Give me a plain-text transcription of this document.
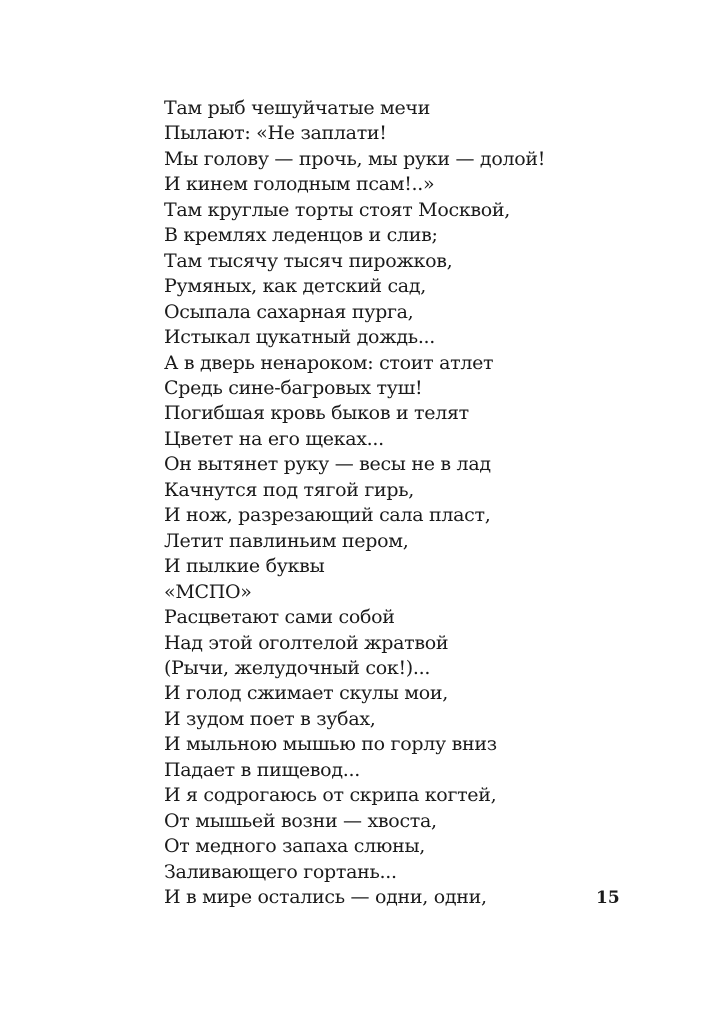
Там рыб чешуйчатые мечи
Пылают: «Не заплати!
Мы голову — прочь, мы руки — долой!
И кинем голодным псам!..»
Там круглые торты стоят Москвой,
В кремлях леденцов и слив;
Там тысячу тысяч пирожков,
Румяных, как детский сад,
Осыпала сахарная пурга,
Истыкал цукатный дождь...
А в дверь ненароком: стоит атлет
Средь сине-багровых туш!
Погибшая кровь быков и телят
Цветет на его щеках...
Он вытянет руку — весы не в лад
Качнутся под тягой гирь,
И нож, разрезающий сала пласт,
Летит павлиньим пером,
И пылкие буквы
«МСПО»
Расцветают сами собой
Над этой оголтелой жратвой
(Рычи, желудочный сок!)...
И голод сжимает скулы мои,
И зудом поет в зубах,
И мыльною мышью по горлу вниз
Падает в пищевод...
И я содрогаюсь от скрипа когтей,
От мышьей возни — хвоста,
От медного запаха слюны,
Заливающего гортань...
И в мире остались — одни, одни,	15
